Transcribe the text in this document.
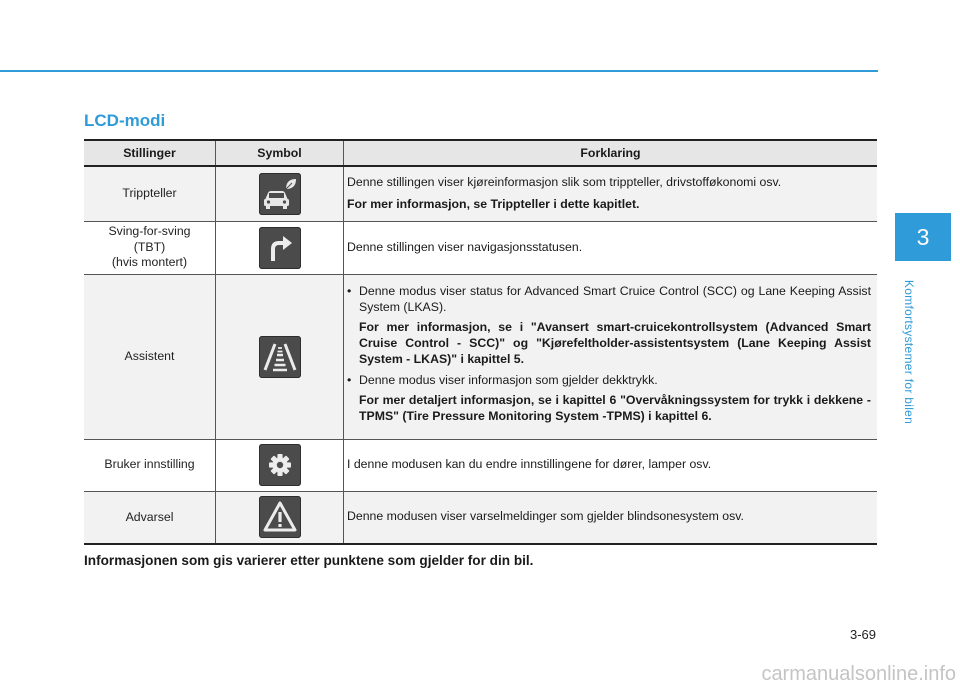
LCD-modi
3
Komfortsystemer for bilen
Stillinger	Symbol	Forklaring
Trippteller		Denne stillingen viser kjøreinformasjon slik som trippteller, drivstofføkonomi osv.

For mer informasjon, se Trippteller i dette kapitlet.

Sving-for-sving
(TBT)
(hvis montert)		Denne stillingen viser navigasjonsstatusen.

Assistent		• Denne modus viser status for Advanced Smart Cruice Control (SCC) og Lane Keeping Assist System (LKAS).

For mer informasjon, se i "Avansert smart-cruicekontrollsystem (Advanced Smart Cruise Control - SCC)" og "Kjørefeltholder-assistentsystem (Lane Keeping Assist System - LKAS)" i kapittel 5.

• Denne modus viser informasjon som gjelder dekktrykk.

For mer detaljert informasjon, se i kapittel 6 "Overvåkningssystem for trykk i dekkene - TPMS" (Tire Pressure Monitoring System -TPMS) i kapittel 6.

Bruker innstilling		I denne modusen kan du endre innstillingene for dører, lamper osv.

Advarsel		Denne modusen viser varselmeldinger som gjelder blindsonesystem osv.

Informasjonen som gis varierer etter punktene som gjelder for din bil.

3-69
carmanualsonline.info
